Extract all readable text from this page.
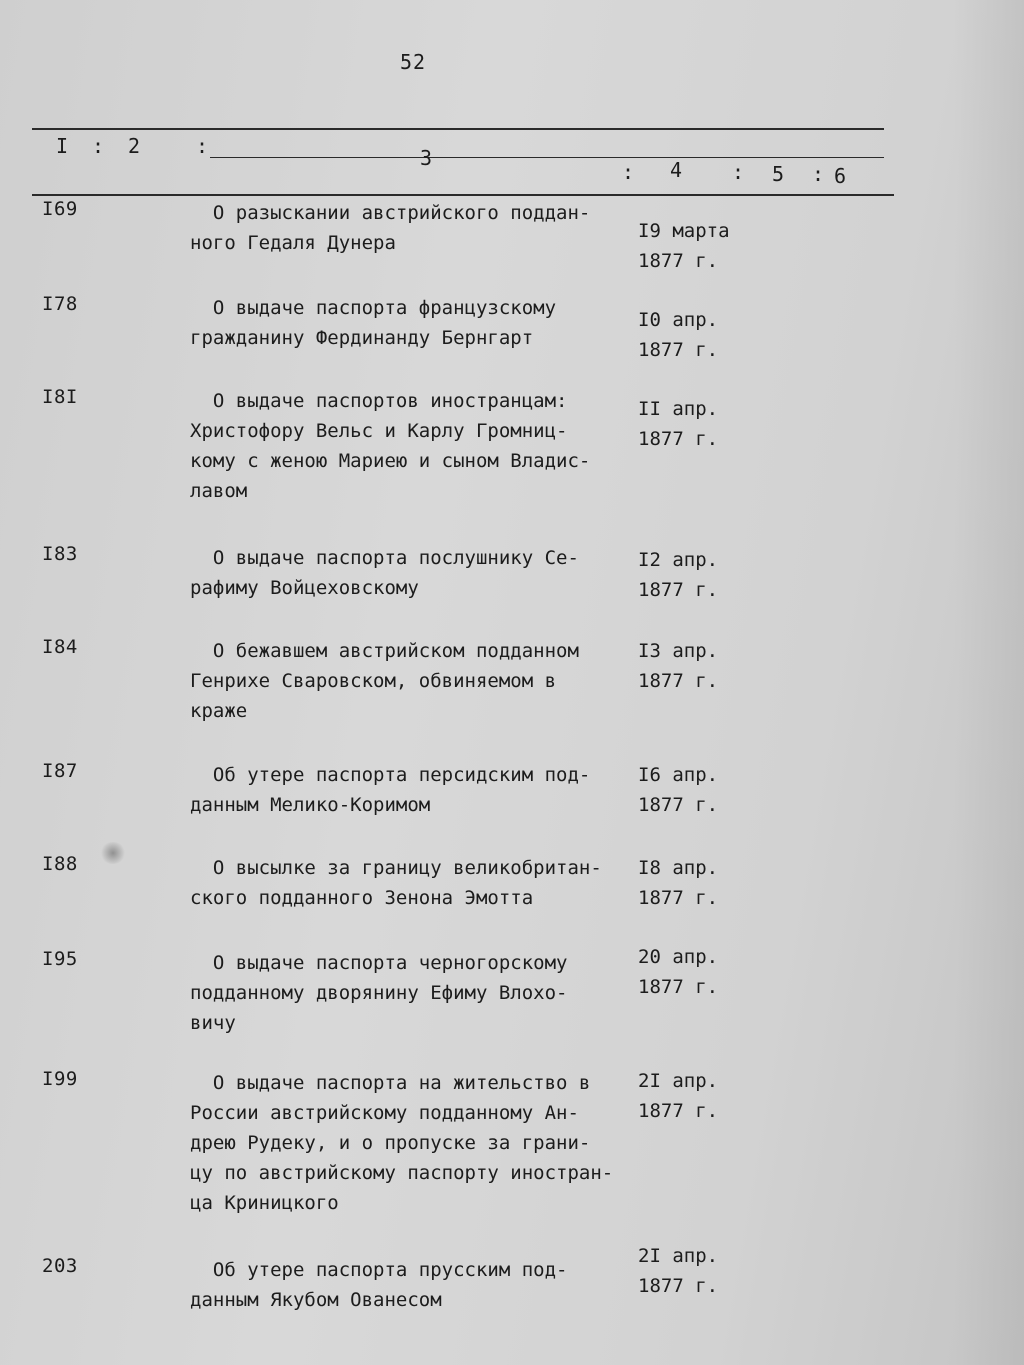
52
I : 2	:	3
: 4 : 5 : 6
I69	О разыскании австрийского поддан-
ного Гедаля Дунера
I9 марта
1877 г.
I78	О выдаче паспорта французскому
гражданину Фердинанду Бернгарт
I0 апр.
1877 г.
I8I	О выдаче паспортов иностранцам:
Христофору Вельс и Карлу Громниц-
кому с женою Мариею и сыном Владис-
лавом
II апр.
1877 г.
I83	О выдаче паспорта послушнику Се-
рафиму Войцеховскому
I2 апр.
1877 г.
I84	О бежавшем австрийском подданном
Генрихе Сваровском, обвиняемом в
краже
I3 апр.
1877 г.
I87	Об утере паспорта персидским под-
данным Мелико-Коримом
I6 апр.
1877 г.
I88	О высылке за границу великобритан-
ского подданного Зенона Эмотта
I8 апр.
1877 г.
I95	О выдаче паспорта черногорскому
подданному дворянину Ефиму Влохо-
вичу
20 апр.
1877 г.
I99	О выдаче паспорта на жительство в
России австрийскому подданному Ан-
дрею Рудеку, и о пропуске за грани-
цу по австрийскому паспорту иностран-
ца Криницкого
2I апр.
1877 г.
203	Об утере паспорта прусским под-
данным Якубом Ованесом
2I апр.
1877 г.
